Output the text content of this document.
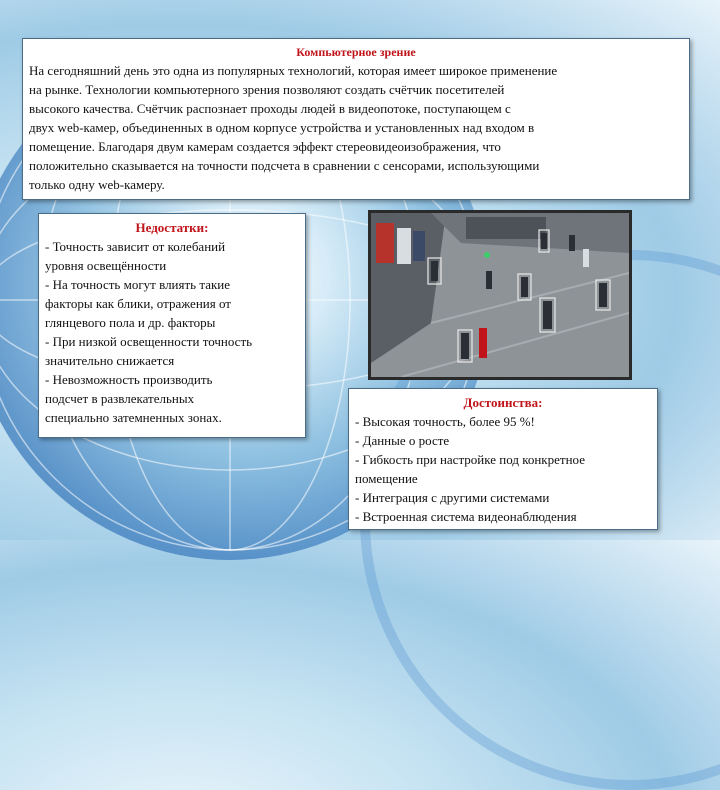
Компьютерное зрение
На сегодняшний день это одна из популярных технологий, которая имеет широкое применение
на рынке. Технологии компьютерного зрения позволяют создать счётчик посетителей
высокого качества. Счётчик распознает проходы людей в видеопотоке, поступающем с
двух web-камер, объединенных в одном корпусе устройства и установленных над входом в
помещение. Благодаря двум камерам создается эффект стереовидеоизображения, что
положительно сказывается на точности подсчета в сравнении с сенсорами, использующими
только одну web-камеру.
Недостатки:
- Точность зависит от колебаний
уровня освещённости
- На точность могут влиять такие
факторы как блики, отражения от
глянцевого пола и др. факторы
- При низкой освещенности точность
значительно снижается
- Невозможность производить
подсчет в развлекательных
специально затемненных зонах.
Достоинства:
- Высокая точность, более 95 %!
- Данные о росте
- Гибкость при настройке под конкретное
помещение
- Интеграция с другими системами
- Встроенная система видеонаблюдения
